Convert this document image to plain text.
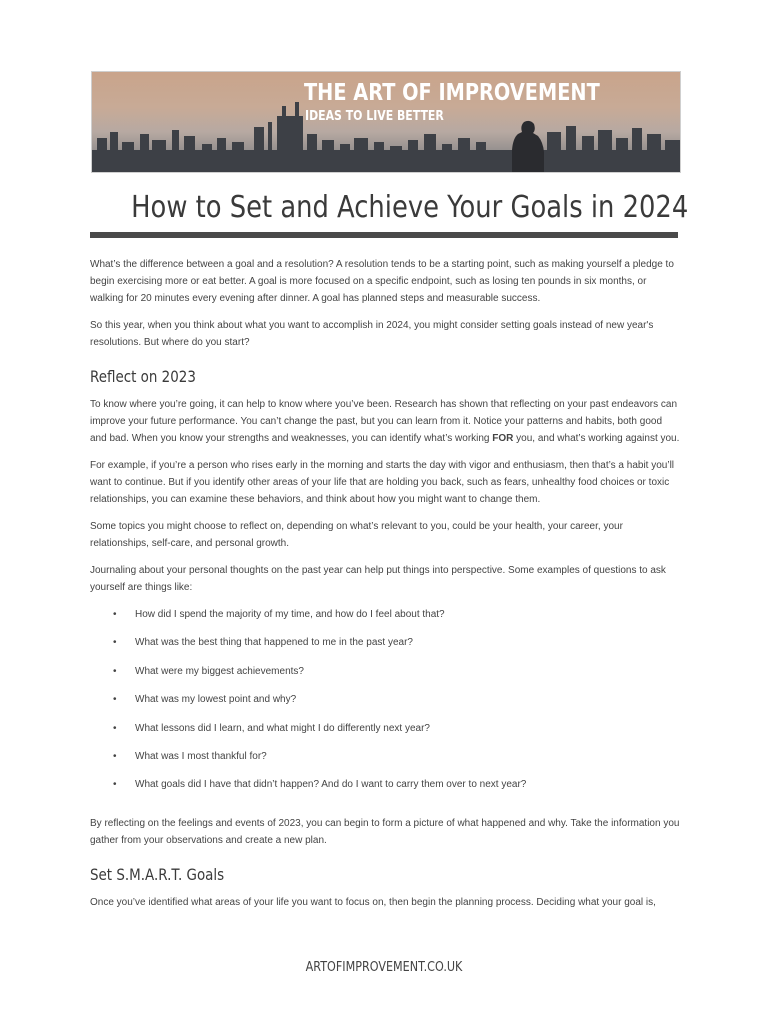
THE ART OF IMPROVEMENT
IDEAS TO LIVE BETTER
How to Set and Achieve Your Goals in 2024

What’s the difference between a goal and a resolution? A resolution tends to be a starting point, such as making yourself a pledge to begin exercising more or eat better. A goal is more focused on a specific endpoint, such as losing ten pounds in six months, or walking for 20 minutes every evening after dinner. A goal has planned steps and measurable success.

So this year, when you think about what you want to accomplish in 2024, you might consider setting goals instead of new year's resolutions. But where do you start?

Reflect on 2023

To know where you’re going, it can help to know where you’ve been. Research has shown that reflecting on your past endeavors can improve your future performance. You can’t change the past, but you can learn from it. Notice your patterns and habits, both good and bad. When you know your strengths and weaknesses, you can identify what’s working FOR you, and what’s working against you.

For example, if you’re a person who rises early in the morning and starts the day with vigor and enthusiasm, then that’s a habit you’ll want to continue. But if you identify other areas of your life that are holding you back, such as fears, unhealthy food choices or toxic relationships, you can examine these behaviors, and think about how you might want to change them.

Some topics you might choose to reflect on, depending on what’s relevant to you, could be your health, your career, your relationships, self-care, and personal growth.

Journaling about your personal thoughts on the past year can help put things into perspective. Some examples of questions to ask yourself are things like:

• How did I spend the majority of my time, and how do I feel about that?
• What was the best thing that happened to me in the past year?
• What were my biggest achievements?
• What was my lowest point and why?
• What lessons did I learn, and what might I do differently next year?
• What was I most thankful for?
• What goals did I have that didn’t happen? And do I want to carry them over to next year?

By reflecting on the feelings and events of 2023, you can begin to form a picture of what happened and why. Take the information you gather from your observations and create a new plan.

Set S.M.A.R.T. Goals

Once you’ve identified what areas of your life you want to focus on, then begin the planning process. Deciding what your goal is,

ARTOFIMPROVEMENT.CO.UK
